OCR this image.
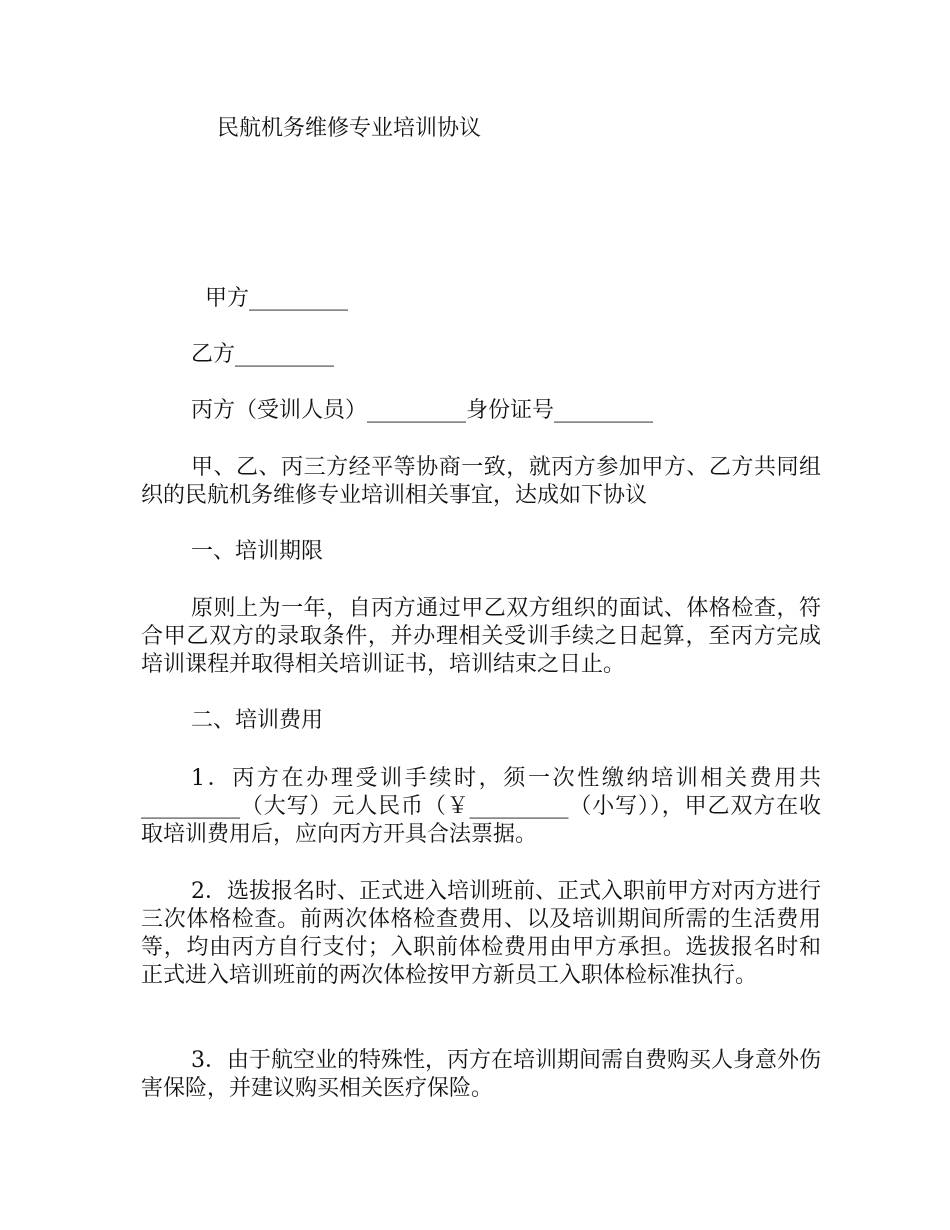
民航机务维修专业培训协议
甲方_________
乙方_________
丙方（受训人员）_________身份证号_________
甲、乙、丙三方经平等协商一致，就丙方参加甲方、乙方共同组织的民航机务维修专业培训相关事宜，达成如下协议
一、培训期限
原则上为一年，自丙方通过甲乙双方组织的面试、体格检查，符合甲乙双方的录取条件，并办理相关受训手续之日起算，至丙方完成培训课程并取得相关培训证书，培训结束之日止。
二、培训费用
1．丙方在办理受训手续时，须一次性缴纳培训相关费用共_________（大写）元人民币（￥_________（小写）），甲乙双方在收取培训费用后，应向丙方开具合法票据。
2．选拔报名时、正式进入培训班前、正式入职前甲方对丙方进行三次体格检查。前两次体格检查费用、以及培训期间所需的生活费用等，均由丙方自行支付；入职前体检费用由甲方承担。选拔报名时和正式进入培训班前的两次体检按甲方新员工入职体检标准执行。
3．由于航空业的特殊性，丙方在培训期间需自费购买人身意外伤害保险，并建议购买相关医疗保险。
